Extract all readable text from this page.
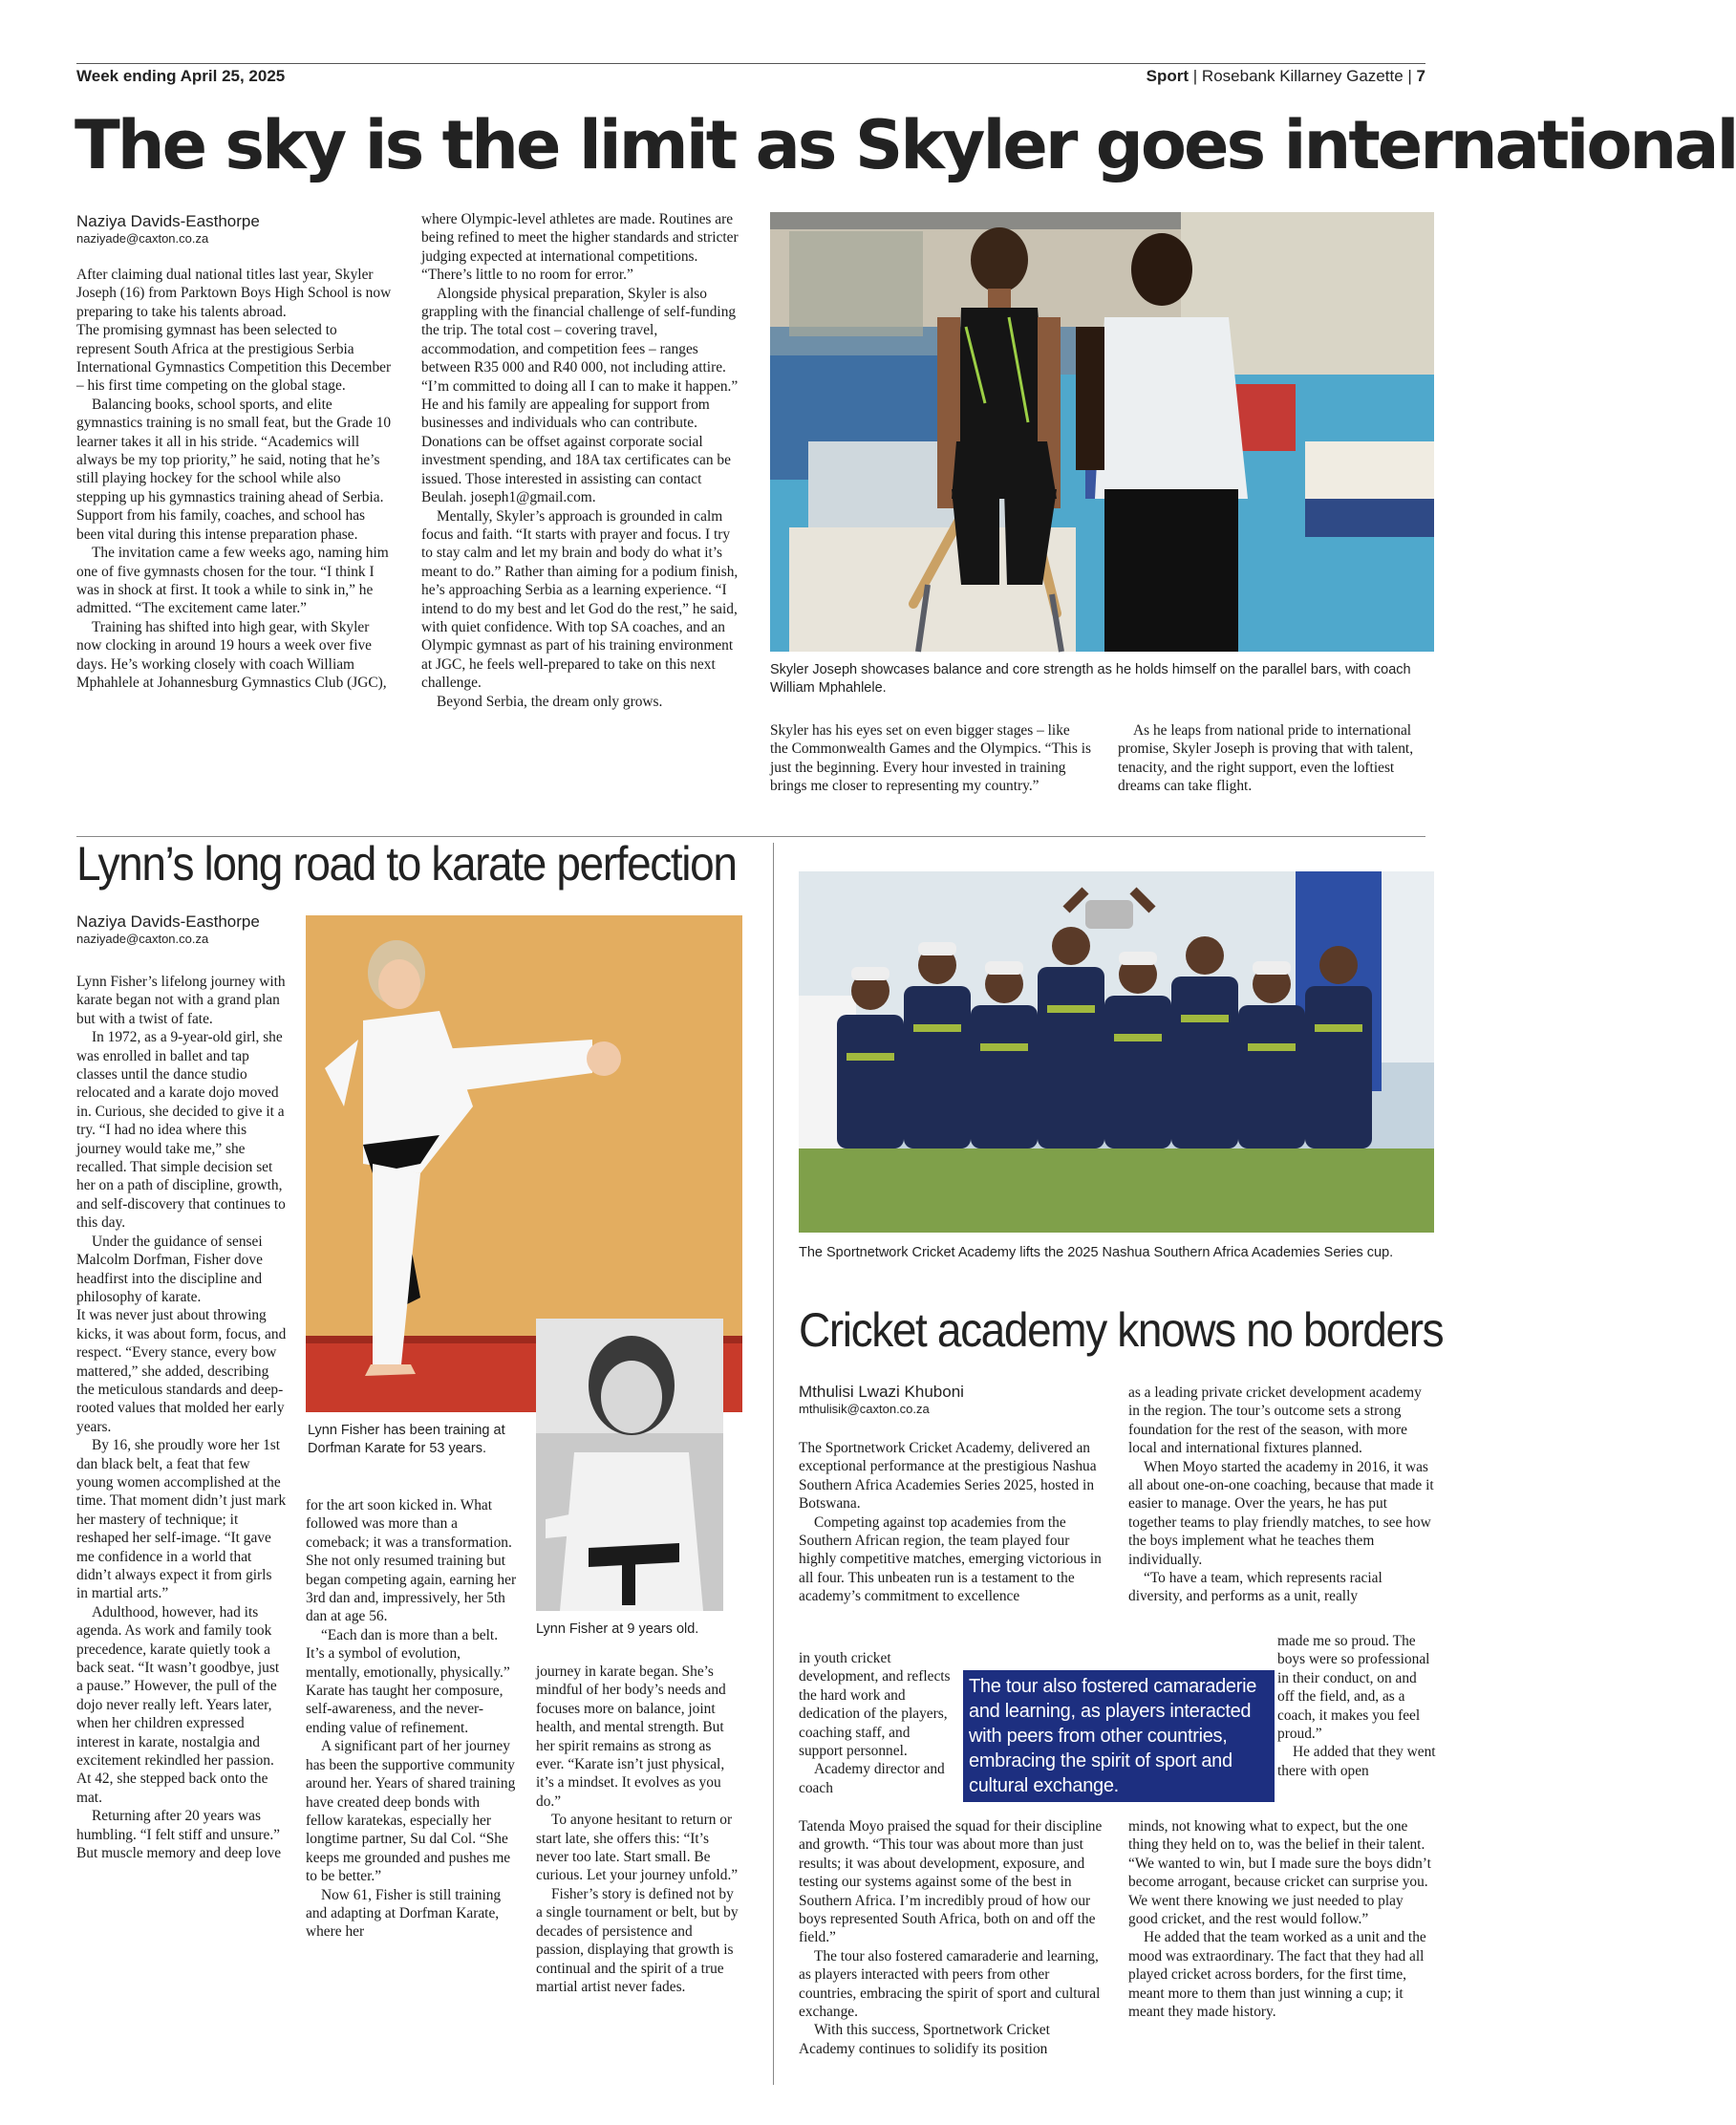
Week ending April 25, 2025	Sport | Rosebank Killarney Gazette | 7
The sky is the limit as Skyler goes international
Naziya Davids-Easthorpe
naziyade@caxton.co.za

After claiming dual national titles last year, Skyler Joseph (16) from Parktown Boys High School is now preparing to take his talents abroad.

The promising gymnast has been selected to represent South Africa at the prestigious Serbia International Gymnastics Competition this December – his first time competing on the global stage.

Balancing books, school sports, and elite gymnastics training is no small feat, but the Grade 10 learner takes it all in his stride. “Academics will always be my top priority,” he said, noting that he’s still playing hockey for the school while also stepping up his gymnastics training ahead of Serbia. Support from his family, coaches, and school has been vital during this intense preparation phase.

The invitation came a few weeks ago, naming him one of five gymnasts chosen for the tour. “I think I was in shock at first. It took a while to sink in,” he admitted. “The excitement came later.”

Training has shifted into high gear, with Skyler now clocking in around 19 hours a week over five days. He’s working closely with coach William Mphahlele at Johannesburg Gymnastics Club (JGC),

where Olympic-level athletes are made. Routines are being refined to meet the higher standards and stricter judging expected at international competitions. “There’s little to no room for error.”

Alongside physical preparation, Skyler is also grappling with the financial challenge of self-funding the trip. The total cost – covering travel, accommodation, and competition fees – ranges between R35 000 and R40 000, not including attire. “I’m committed to doing all I can to make it happen.” He and his family are appealing for support from businesses and individuals who can contribute. Donations can be offset against corporate social investment spending, and 18A tax certificates can be issued. Those interested in assisting can contact Beulah. joseph1@gmail.com.

Mentally, Skyler’s approach is grounded in calm focus and faith. “It starts with prayer and focus. I try to stay calm and let my brain and body do what it’s meant to do.” Rather than aiming for a podium finish, he’s approaching Serbia as a learning experience. “I intend to do my best and let God do the rest,” he said, with quiet confidence. With top SA coaches, and an Olympic gymnast as part of his training environment at JGC, he feels well-prepared to take on this next challenge.

Beyond Serbia, the dream only grows.

Skyler Joseph showcases balance and core strength as he holds himself on the parallel bars, with coach William Mphahlele.

Skyler has his eyes set on even bigger stages – like the Commonwealth Games and the Olympics. “This is just the beginning. Every hour invested in training brings me closer to representing my country.”

As he leaps from national pride to international promise, Skyler Joseph is proving that with talent, tenacity, and the right support, even the loftiest dreams can take flight.

Lynn’s long road to karate perfection
Naziya Davids-Easthorpe
naziyade@caxton.co.za

Lynn Fisher’s lifelong journey with karate began not with a grand plan but with a twist of fate.

In 1972, as a 9-year-old girl, she was enrolled in ballet and tap classes until the dance studio relocated and a karate dojo moved in. Curious, she decided to give it a try. “I had no idea where this journey would take me,” she recalled. That simple decision set her on a path of discipline, growth, and self-discovery that continues to this day.

Under the guidance of sensei Malcolm Dorfman, Fisher dove headfirst into the discipline and philosophy of karate.

It was never just about throwing kicks, it was about form, focus, and respect. “Every stance, every bow mattered,” she added, describing the meticulous standards and deep-rooted values that molded her early years.

By 16, she proudly wore her 1st dan black belt, a feat that few young women accomplished at the time. That moment didn’t just mark her mastery of technique; it reshaped her self-image. “It gave me confidence in a world that didn’t always expect it from girls in martial arts.”

Adulthood, however, had its agenda. As work and family took precedence, karate quietly took a back seat. “It wasn’t goodbye, just a pause.” However, the pull of the dojo never really left. Years later, when her children expressed interest in karate, nostalgia and excitement rekindled her passion. At 42, she stepped back onto the mat.

Returning after 20 years was humbling. “I felt stiff and unsure.” But muscle memory and deep love

Lynn Fisher has been training at Dorfman Karate for 53 years.
Lynn Fisher at 9 years old.

for the art soon kicked in. What followed was more than a comeback; it was a transformation. She not only resumed training but began competing again, earning her 3rd dan and, impressively, her 5th dan at age 56.

“Each dan is more than a belt. It’s a symbol of evolution, mentally, emotionally, physically.” Karate has taught her composure, self-awareness, and the never-ending value of refinement.

A significant part of her journey has been the supportive community around her. Years of shared training have created deep bonds with fellow karatekas, especially her longtime partner, Su dal Col. “She keeps me grounded and pushes me to be better.”

Now 61, Fisher is still training and adapting at Dorfman Karate, where her

journey in karate began. She’s mindful of her body’s needs and focuses more on balance, joint health, and mental strength. But her spirit remains as strong as ever. “Karate isn’t just physical, it’s a mindset. It evolves as you do.”

To anyone hesitant to return or start late, she offers this: “It’s never too late. Start small. Be curious. Let your journey unfold.”

Fisher’s story is defined not by a single tournament or belt, but by decades of persistence and passion, displaying that growth is continual and the spirit of a true martial artist never fades.

The Sportnetwork Cricket Academy lifts the 2025 Nashua Southern Africa Academies Series cup.
Cricket academy knows no borders
Mthulisi Lwazi Khuboni
mthulisik@caxton.co.za

The Sportnetwork Cricket Academy, delivered an exceptional performance at the prestigious Nashua Southern Africa Academies Series 2025, hosted in Botswana.

Competing against top academies from the Southern African region, the team played four highly competitive matches, emerging victorious in all four. This unbeaten run is a testament to the academy’s commitment to excellence

in youth cricket development, and reflects the hard work and dedication of the players, coaching staff, and support personnel.

Academy director and coach

Tatenda Moyo praised the squad for their discipline and growth. “This tour was about more than just results; it was about development, exposure, and testing our systems against some of the best in Southern Africa. I’m incredibly proud of how our boys represented South Africa, both on and off the field.”

The tour also fostered camaraderie and learning, as players interacted with peers from other countries, embracing the spirit of sport and cultural exchange.

With this success, Sportnetwork Cricket Academy continues to solidify its position

as a leading private cricket development academy in the region. The tour’s outcome sets a strong foundation for the rest of the season, with more local and international fixtures planned.

When Moyo started the academy in 2016, it was all about one-on-one coaching, because that made it easier to manage. Over the years, he has put together teams to play friendly matches, to see how the boys implement what he teaches them individually.

“To have a team, which represents racial diversity, and performs as a unit, really

made me so proud. The boys were so professional in their conduct, on and off the field, and, as a coach, it makes you feel proud.”

He added that they went there with open

minds, not knowing what to expect, but the one thing they held on to, was the belief in their talent. “We wanted to win, but I made sure the boys didn’t become arrogant, because cricket can surprise you. We went there knowing we just needed to play good cricket, and the rest would follow.”

He added that the team worked as a unit and the mood was extraordinary. The fact that they had all played cricket across borders, for the first time, meant more to them than just winning a cup; it meant they made history.

The tour also fostered camaraderie and learning, as players interacted with peers from other countries, embracing the spirit of sport and cultural exchange.
